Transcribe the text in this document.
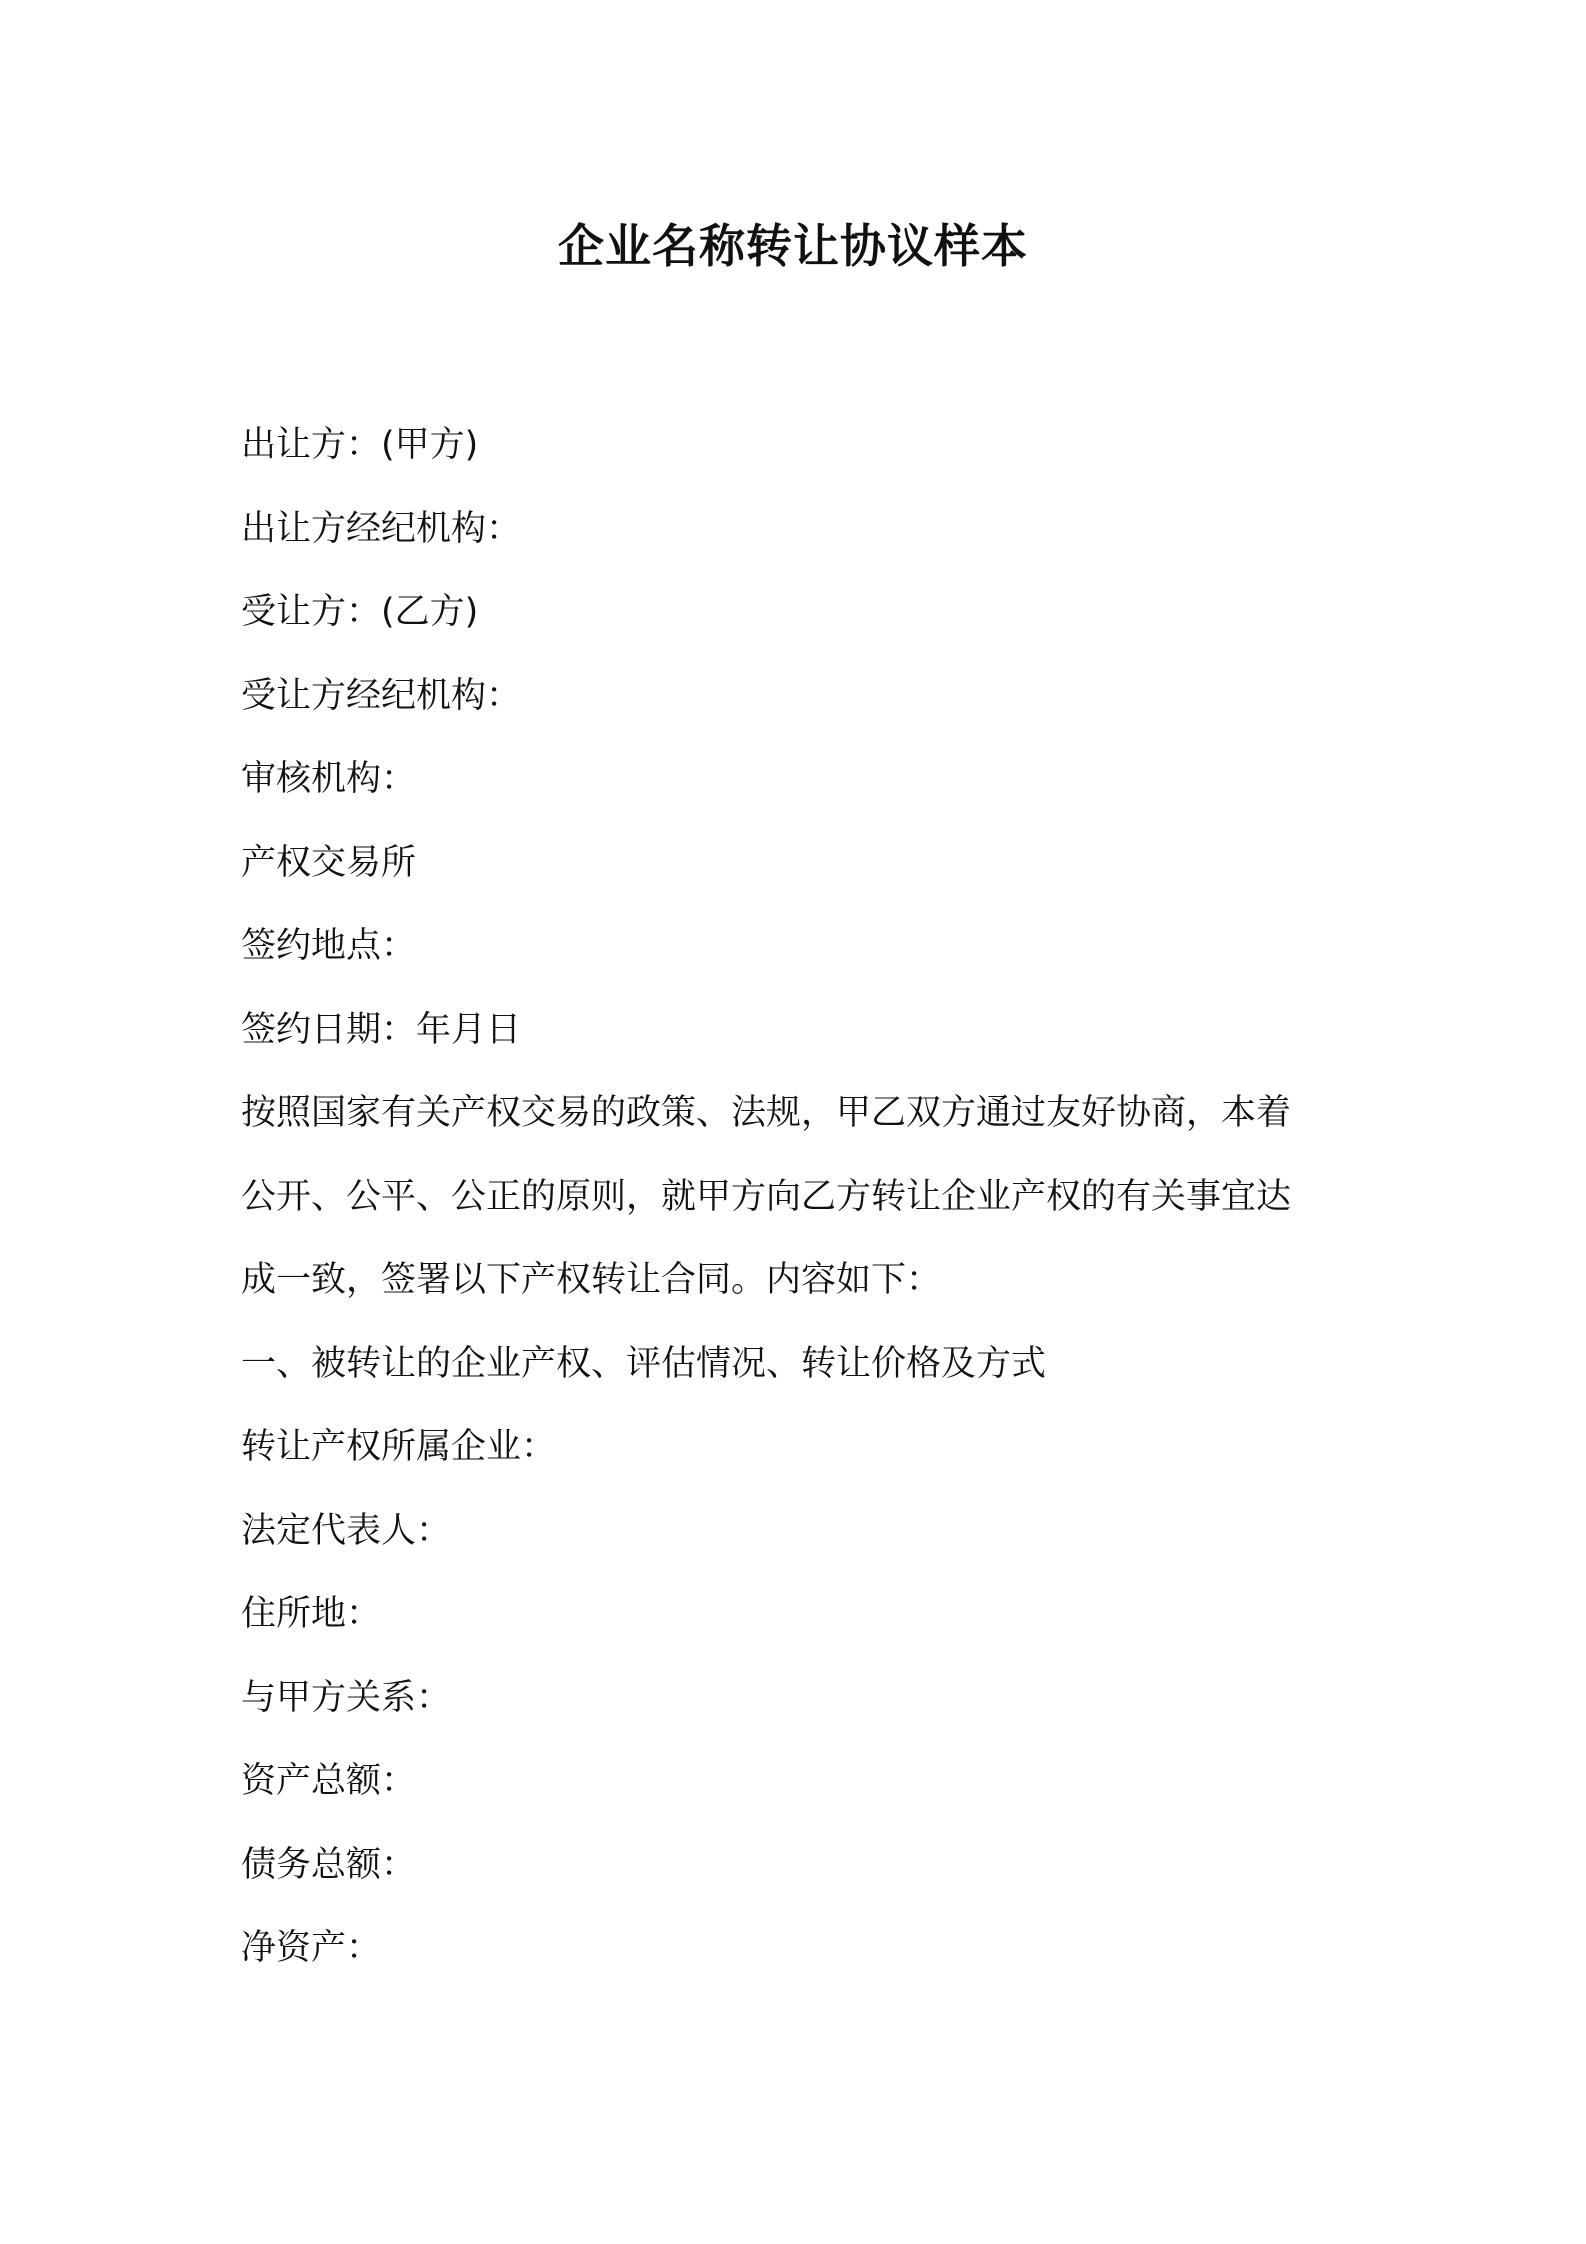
企业名称转让协议样本

出让方：(甲方)

出让方经纪机构：

受让方：(乙方)

受让方经纪机构：

审核机构：

产权交易所

签约地点：

签约日期：年月日

按照国家有关产权交易的政策、法规，甲乙双方通过友好协商，本着

公开、公平、公正的原则，就甲方向乙方转让企业产权的有关事宜达

成一致，签署以下产权转让合同。内容如下：

一、被转让的企业产权、评估情况、转让价格及方式

转让产权所属企业：

法定代表人：

住所地：

与甲方关系：

资产总额：

债务总额：

净资产：
